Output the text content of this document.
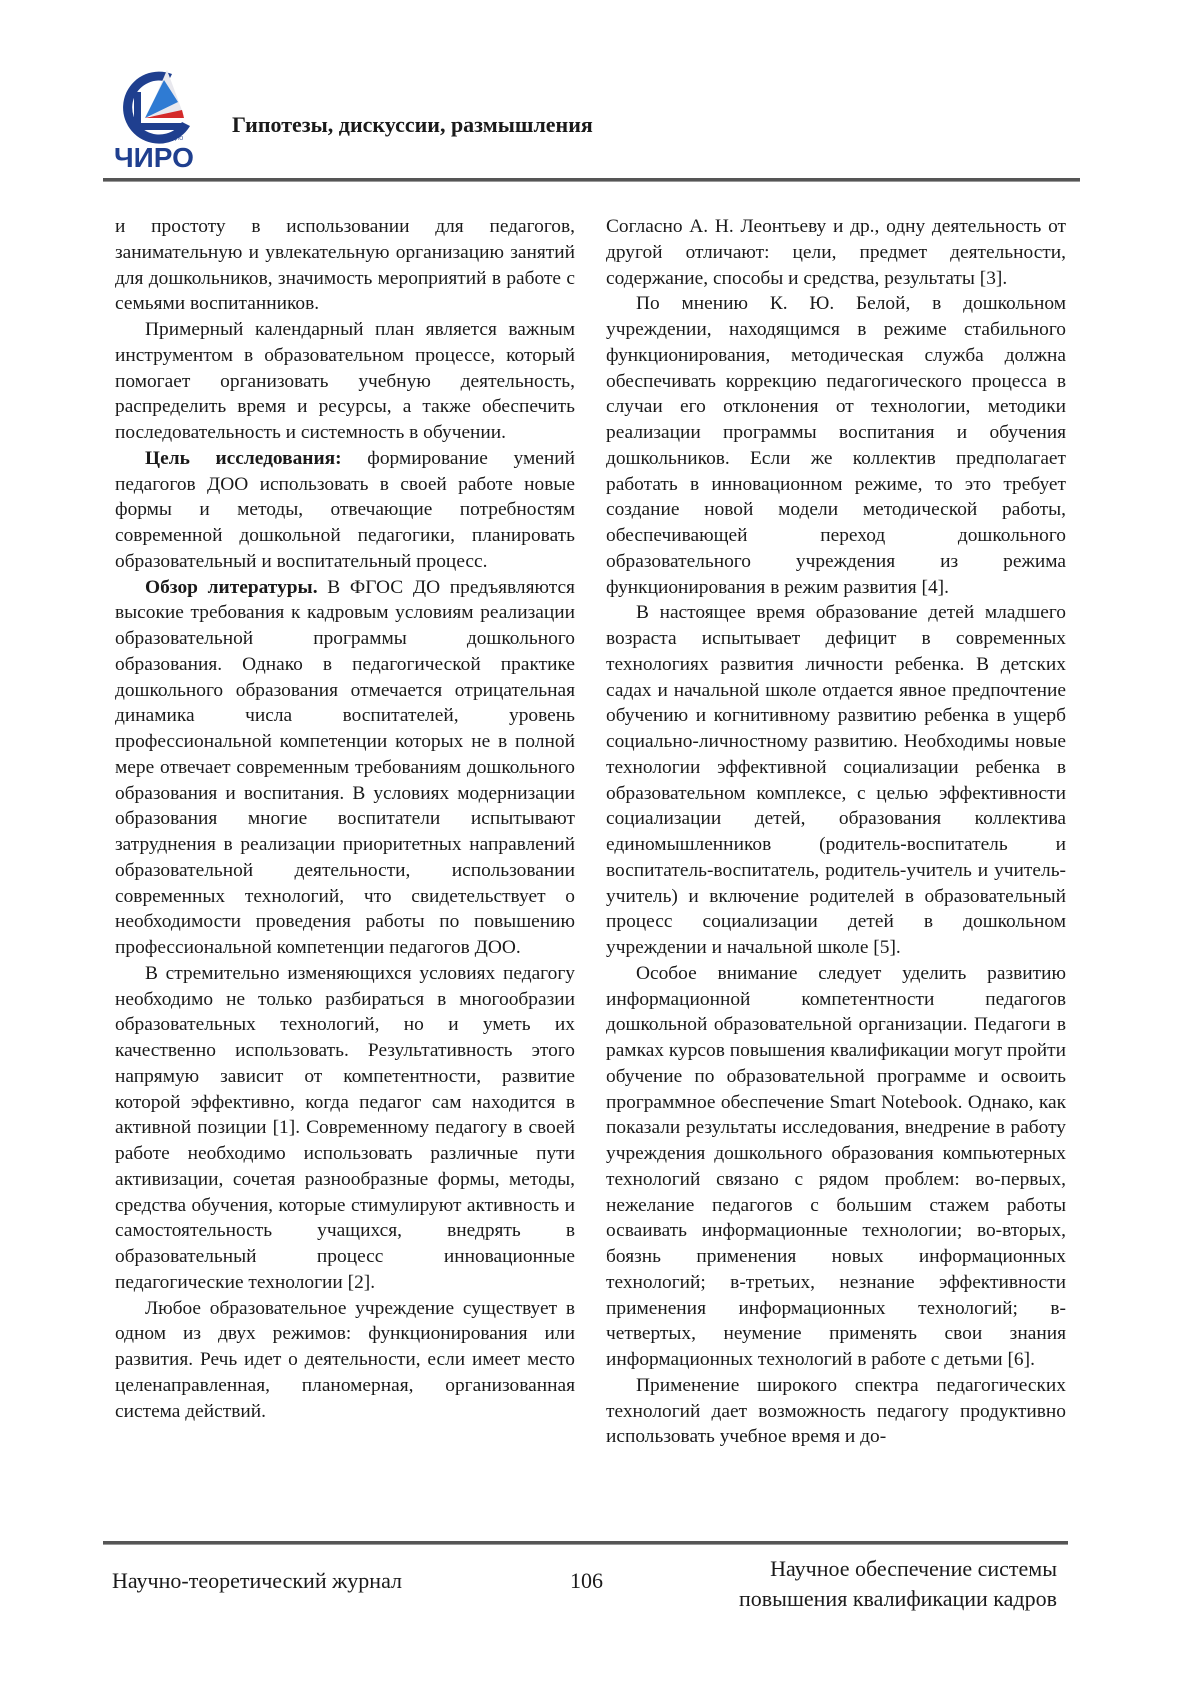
ГБУ ДПО
ЧИРО
Гипотезы, дискуссии, размышления

и простоту в использовании для педагогов, занимательную и увлекательную организацию занятий для дошкольников, значимость мероприятий в работе с семьями воспитанников.

Примерный календарный план является важным инструментом в образовательном процессе, который помогает организовать учебную деятельность, распределить время и ресурсы, а также обеспечить последовательность и системность в обучении.

Цель исследования: формирование умений педагогов ДОО использовать в своей работе новые формы и методы, отвечающие потребностям современной дошкольной педагогики, планировать образовательный и воспитательный процесс.

Обзор литературы. В ФГОС ДО предъявляются высокие требования к кадровым условиям реализации образовательной программы дошкольного образования. Однако в педагогической практике дошкольного образования отмечается отрицательная динамика числа воспитателей, уровень профессиональной компетенции которых не в полной мере отвечает современным требованиям дошкольного образования и воспитания. В условиях модернизации образования многие воспитатели испытывают затруднения в реализации приоритетных направлений образовательной деятельности, использовании современных технологий, что свидетельствует о необходимости проведения работы по повышению профессиональной компетенции педагогов ДОО.

В стремительно изменяющихся условиях педагогу необходимо не только разбираться в многообразии образовательных технологий, но и уметь их качественно использовать. Результативность этого напрямую зависит от компетентности, развитие которой эффективно, когда педагог сам находится в активной позиции [1]. Современному педагогу в своей работе необходимо использовать различные пути активизации, сочетая разнообразные формы, методы, средства обучения, которые стимулируют активность и самостоятельность учащихся, внедрять в образовательный процесс инновационные педагогические технологии [2].

Любое образовательное учреждение существует в одном из двух режимов: функционирования или развития. Речь идет о деятельности, если имеет место целенаправленная, планомерная, организованная система действий.

Согласно А. Н. Леонтьеву и др., одну деятельность от другой отличают: цели, предмет деятельности, содержание, способы и средства, результаты [3].

По мнению К. Ю. Белой, в дошкольном учреждении, находящимся в режиме стабильного функционирования, методическая служба должна обеспечивать коррекцию педагогического процесса в случаи его отклонения от технологии, методики реализации программы воспитания и обучения дошкольников. Если же коллектив предполагает работать в инновационном режиме, то это требует создание новой модели методической работы, обеспечивающей переход дошкольного образовательного учреждения из режима функционирования в режим развития [4].

В настоящее время образование детей младшего возраста испытывает дефицит в современных технологиях развития личности ребенка. В детских садах и начальной школе отдается явное предпочтение обучению и когнитивному развитию ребенка в ущерб социально-личностному развитию. Необходимы новые технологии эффективной социализации ребенка в образовательном комплексе, с целью эффективности социализации детей, образования коллектива единомышленников (родитель-воспитатель и воспитатель-воспитатель, родитель-учитель и учитель-учитель) и включение родителей в образовательный процесс социализации детей в дошкольном учреждении и начальной школе [5].

Особое внимание следует уделить развитию информационной компетентности педагогов дошкольной образовательной организации. Педагоги в рамках курсов повышения квалификации могут пройти обучение по образовательной программе и освоить программное обеспечение Smart Notebook. Однако, как показали результаты исследования, внедрение в работу учреждения дошкольного образования компьютерных технологий связано с рядом проблем: во-первых, нежелание педагогов с большим стажем работы осваивать информационные технологии; во-вторых, боязнь применения новых информационных технологий; в-третьих, незнание эффективности применения информационных технологий; в-четвертых, неумение применять свои знания информационных технологий в работе с детьми [6].

Применение широкого спектра педагогических технологий дает возможность педагогу продуктивно использовать учебное время и до-

Научно-теоретический журнал	106	Научное обеспечение системы
повышения квалификации кадров
